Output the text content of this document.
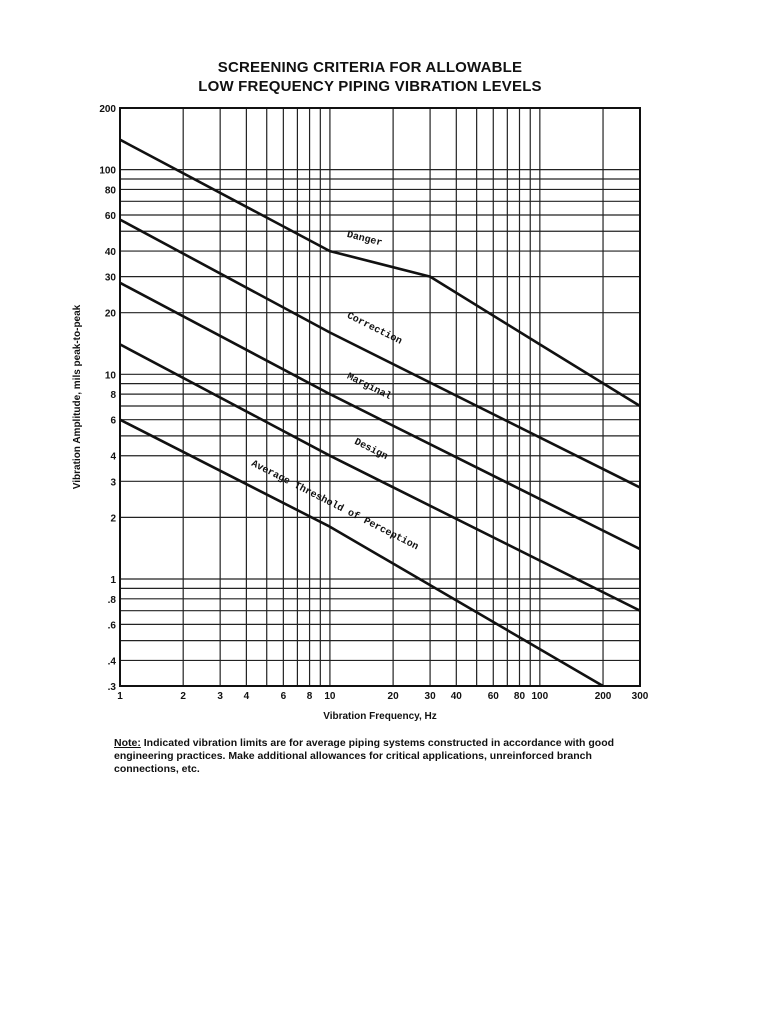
SCREENING CRITERIA FOR ALLOWABLE
LOW FREQUENCY PIPING VIBRATION LEVELS
Danger
Correction
Marginal
Design
Average Threshold of Perception
1	2	3 4	6 8 10	20	30 40	60 80 100	200 300
.3
.4
.6
.8
1
2
3
4
6
8
10
20
30
40
60
80
100
200
Vibration Frequency, Hz
Vibration Amplitude, mils peak-to-peak
Note: Indicated vibration limits are for average piping systems constructed in accordance with good engineering practices. Make additional allowances for critical applications, unreinforced branch connections, etc.
